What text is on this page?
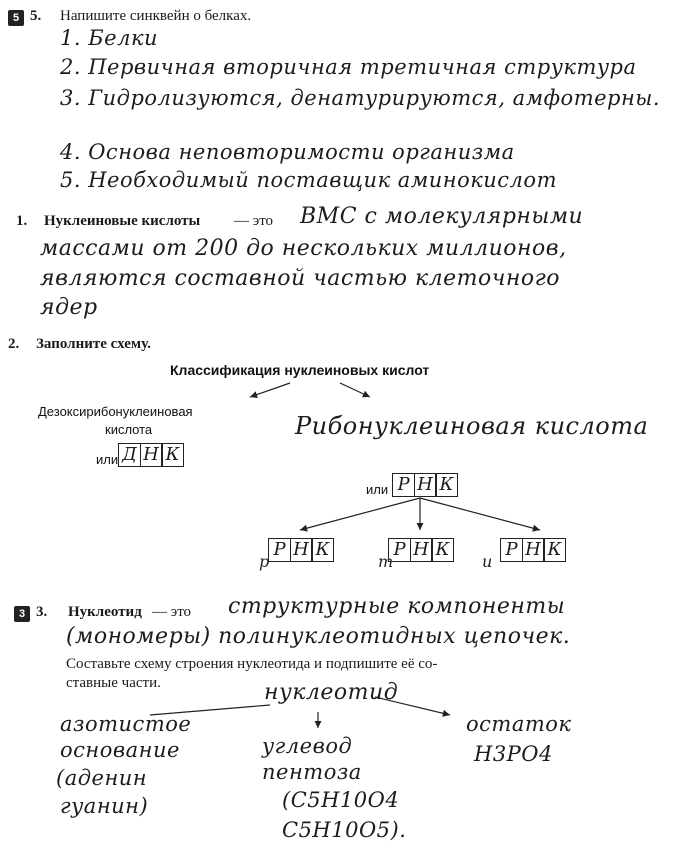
5 5. Напишите синквейн о белках.
1. Белки
2. Первичная вторичная третичная структура
3. Гидролизуются, денатурируются, амфотерны.
4. Основа неповторимости организма
5. Необходимый поставщик аминокислот
1. Нуклеиновые кислоты — это ВМС с молекулярными
массами от 200 до нескольких миллионов,
являются составной частью клеточного
ядер
2. Заполните схему.
Классификация нуклеиновых кислот
Дезоксирибонуклеиновая
кислота
или Д Н К
Рибонуклеиновая кислота
или Р Н К
р
Р Н К
т
Р Н К
и
Р Н К
3 3. Нуклеотид — это структурные компоненты
(мономеры) полинуклеотидных цепочек.
Составьте схему строения нуклеотида и подпишите её со-
ставные части.	нуклеотид
азотистое
основание
(аденин
гуанин)
углевод
пентоза
(C5H10O4
C5H10O5).
остаток
H3PO4
